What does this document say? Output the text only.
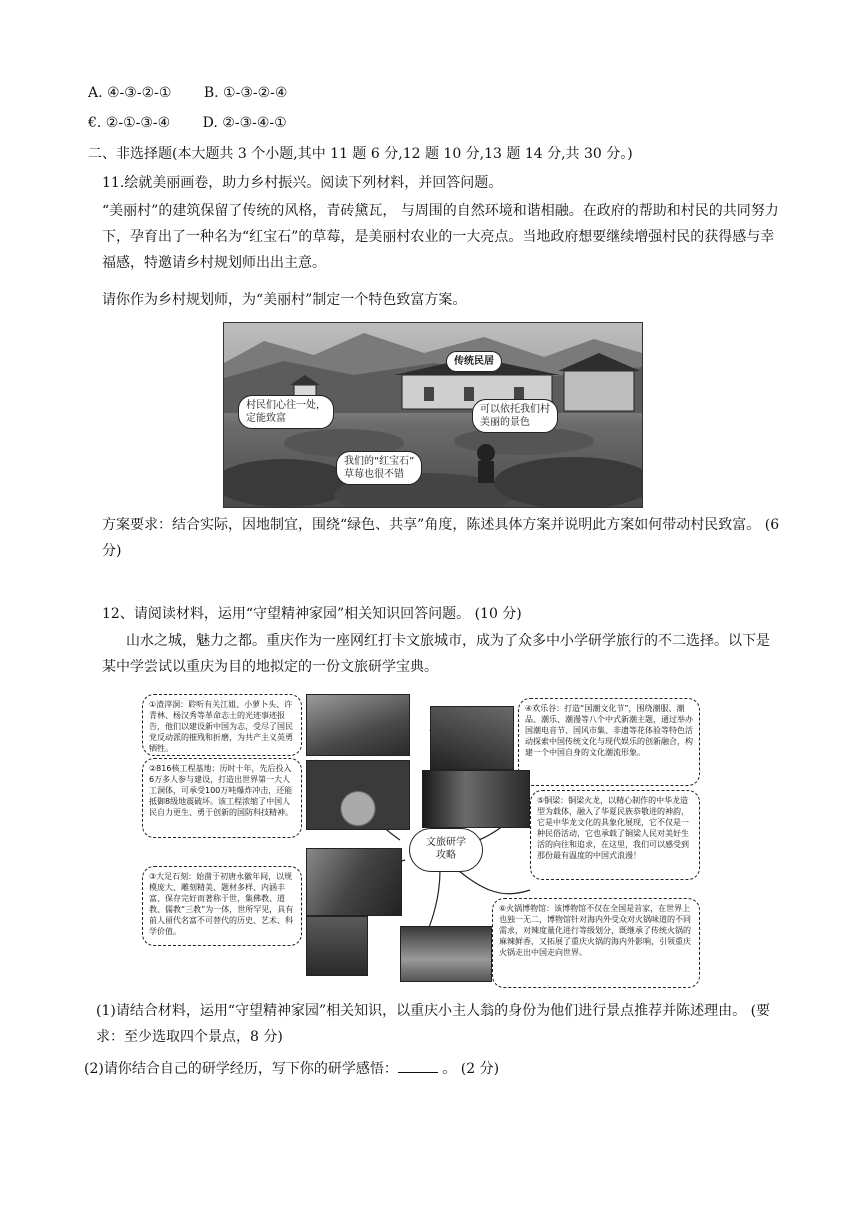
A. ④-③-②-① B. ①-③-②-④
€. ②-①-③-④ D. ②-③-④-①
二、非选择题(本大题共 3 个小题,其中 11 题 6 分,12 题 10 分,13 题 14 分,共 30 分。)
11.绘就美丽画卷，助力乡村振兴。阅读下列材料，并回答问题。
“美丽村”的建筑保留了传统的风格，青砖黛瓦， 与周围的自然环境和谐相融。在政府的帮助和村民的共同努力下，孕育出了一种名为“红宝石”的草莓，是美丽村农业的一大亮点。当地政府想要继续增强村民的获得感与幸福感，特邀请乡村规划师出出主意。
请你作为乡村规划师，为“美丽村”制定一个特色致富方案。
传统民居
村民们心往一处，
定能致富
可以依托我们村
美丽的景色
我们的“红宝石”
草莓也很不错
方案要求：结合实际，因地制宜，围绕“绿色、共享”角度，陈述具体方案并说明此方案如何带动村民致富。 (6 分)
12、请阅读材料，运用“守望精神家园”相关知识回答问题。 (10 分)
山水之城，魅力之都。重庆作为一座网红打卡文旅城市，成为了众多中小学研学旅行的不二选择。以下是某中学尝试以重庆为目的地拟定的一份文旅研学宝典。
①渣滓洞：聆听有关江姐、小萝卜头、许青林、杨汉秀等革命志士的光迹事迹报告，他们以建设新中国为志，受尽了国民党反动派的摧残和折磨，为共产主义英勇牺牲。
②816核工程基地：历时十年，先后投入6万多人参与建设，打造出世界第一大人工洞体，可承受100万吨爆炸冲击，还能抵御8级地震破坏。该工程浓缩了中国人民自力更生、勇于创新的国防科技精神。
③大足石刻：始凿于初唐永徽年间，以规模庞大、雕刻精美、题材多样、内涵丰富、保存完好而著称于世，集佛教、道教、儒教“三教”为一体，世所罕见，具有前人留代名富不可替代的历史、艺术、科学价值。
④欢乐谷：打造“国潮文化节”，围绕潮服、潮品、潮乐、潮漫等八个中式新潮主题，通过举办国潮电音节、国风市集、非遗等花体验等特色活动探索中国传统文化与现代娱乐的创新融合，构建一个中国自身的文化潮流形象。
⑤铜梁：铜梁火龙，以精心制作的中华龙造型为载体，融入了华夏民族恭敬进的神韵，它是中华龙文化的具象化展现，它不仅是一种民俗活动，它也承载了铜梁人民对美好生活的向往和追求，在这里，我们可以感受到那份最有温度的中国式浪漫！
⑥火锅博物馆：该博物馆不仅在全国是首家，在世界上也独一无二，博物馆针对海内外受众对火锅味道的不同需求，对辣度量化进行等级划分，既继承了传统火锅的麻辣鲜香，又拓展了重庆火锅的海内外影响，引领重庆火锅走出中国走向世界。
文旅研学
攻略
(1)请结合材料，运用“守望精神家园”相关知识，以重庆小主人翁的身份为他们进行景点推荐并陈述理由。 (要求：至少选取四个景点，8 分)
(2)请你结合自己的研学经历，写下你的研学感悟：	。 (2 分)
